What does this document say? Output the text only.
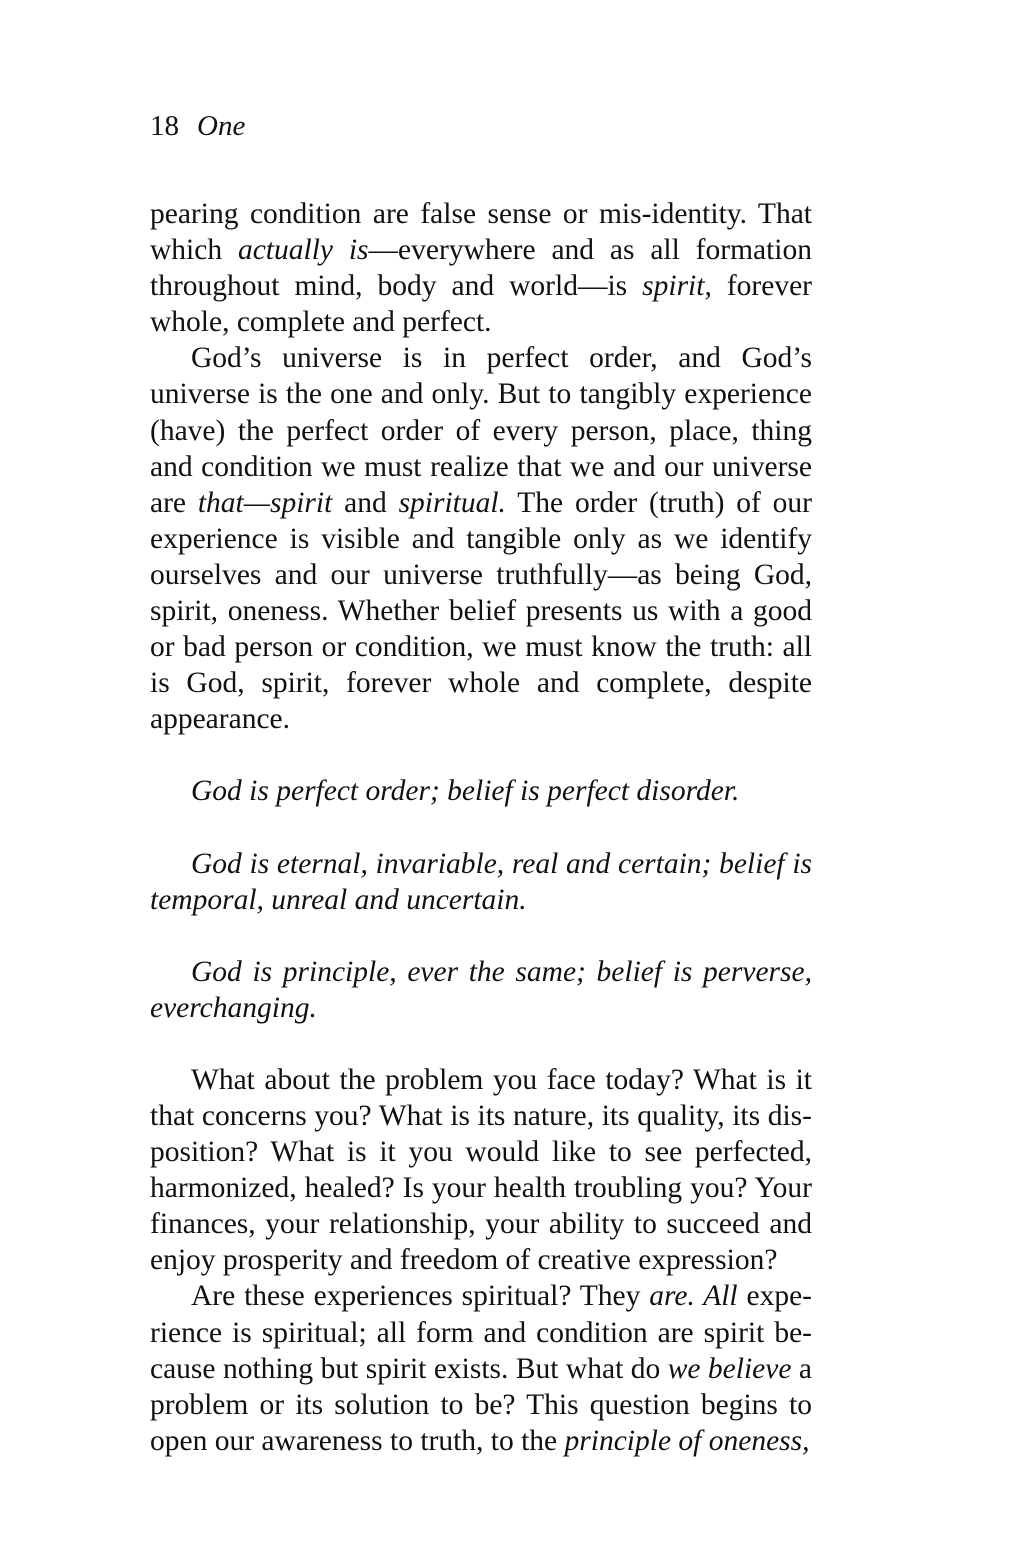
18 One

pearing condition are false sense or mis-identity. That which actually is—everywhere and as all formation throughout mind, body and world—is spirit, forever whole, complete and perfect.

God’s universe is in perfect order, and God’s universe is the one and only. But to tangibly experience (have) the perfect order of every person, place, thing and condition we must realize that we and our universe are that—spirit and spiritual. The order (truth) of our experience is visible and tangible only as we identify ourselves and our universe truthfully—as being God, spirit, oneness. Whether belief presents us with a good or bad person or condition, we must know the truth: all is God, spirit, forever whole and complete, despite appearance.

God is perfect order; belief is perfect disorder.

God is eternal, invariable, real and certain; belief is temporal, unreal and uncertain.

God is principle, ever the same; belief is perverse, everchanging.

What about the problem you face today? What is it that concerns you? What is its nature, its quality, its disposition? What is it you would like to see perfected, harmonized, healed? Is your health troubling you? Your finances, your relationship, your ability to succeed and enjoy prosperity and freedom of creative expression?

Are these experiences spiritual? They are. All experience is spiritual; all form and condition are spirit because nothing but spirit exists. But what do we believe a problem or its solution to be? This question begins to open our awareness to truth, to the principle of oneness,
